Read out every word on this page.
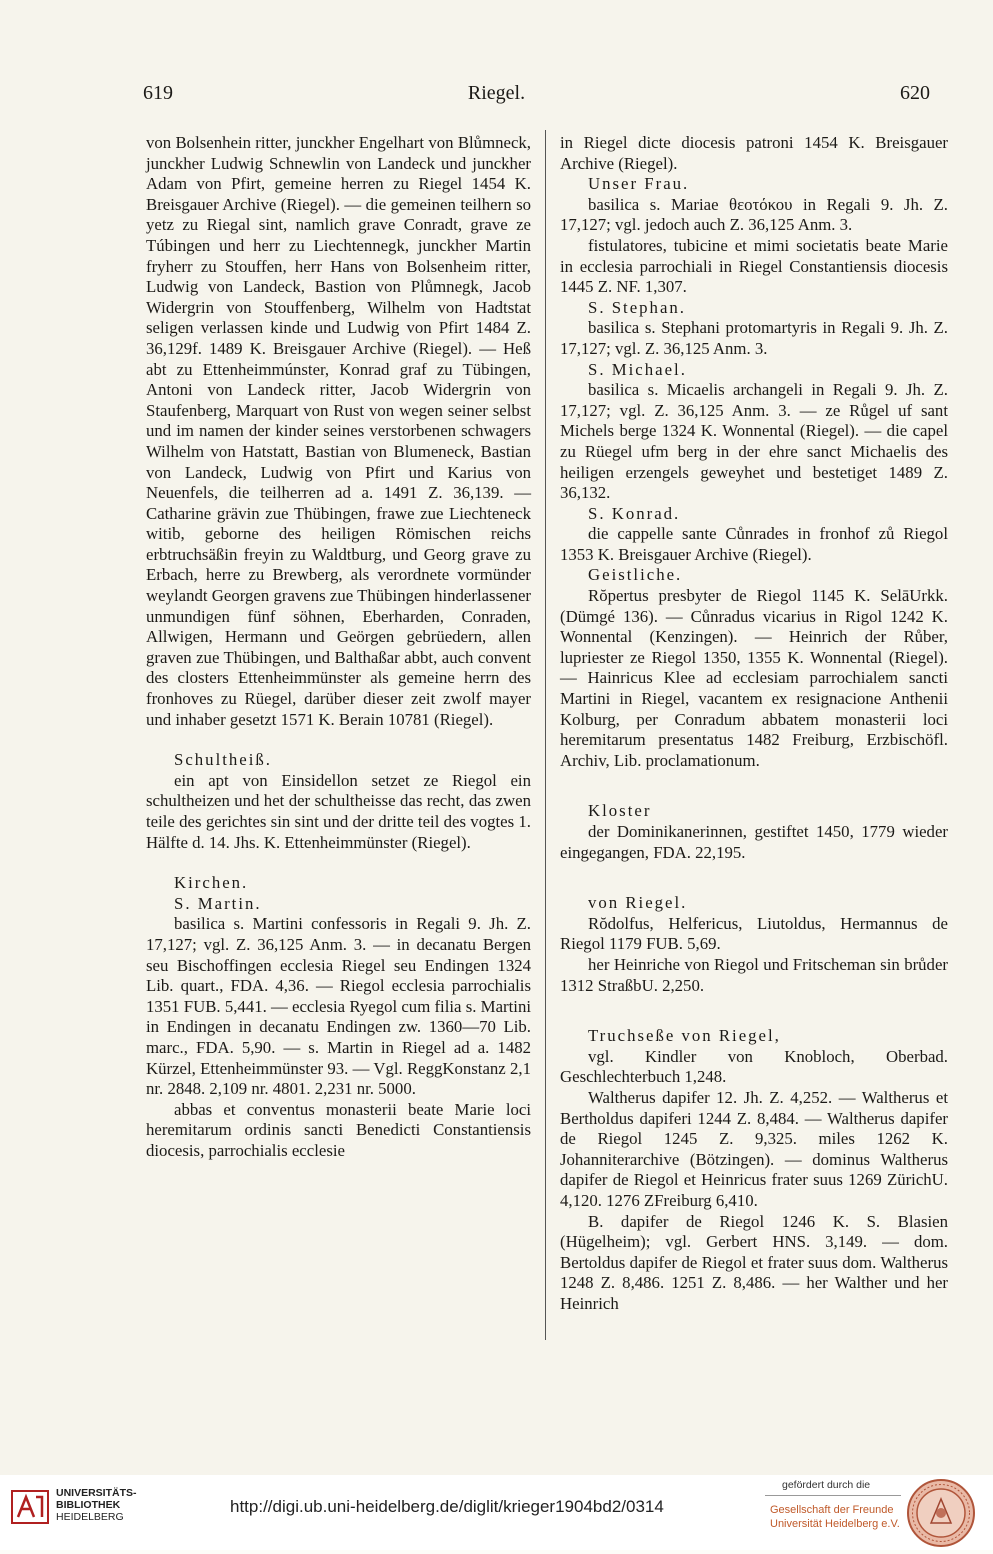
619	Riegel.	620

von Bolsenhein ritter, junckher Engelhart von Blůmneck, junckher Ludwig Schnewlin von Landeck und junckher Adam von Pfirt, gemeine herren zu Riegel 1454 K. Breisgauer Archive (Riegel). — die gemeinen teilhern so yetz zu Riegal sint, namlich grave Conradt, grave ze Túbingen und herr zu Liechtennegk, junckher Martin fryherr zu Stouffen, herr Hans von Bolsenheim ritter, Ludwig von Landeck, Bastion von Plůmnegk, Jacob Widergrin von Stouffenberg, Wilhelm von Hadtstat seligen verlassen kinde und Ludwig von Pfirt 1484 Z. 36,129f. 1489 K. Breisgauer Archive (Riegel). — Heß abt zu Ettenheimmúnster, Konrad graf zu Tübingen, Antoni von Landeck ritter, Jacob Widergrin von Staufenberg, Marquart von Rust von wegen seiner selbst und im namen der kinder seines verstorbenen schwagers Wilhelm von Hatstatt, Bastian von Blumeneck, Bastian von Landeck, Ludwig von Pfirt und Karius von Neuenfels, die teilherren ad a. 1491 Z. 36,139. — Catharine grävin zue Thübingen, frawe zue Liechteneck witib, geborne des heiligen Römischen reichs erbtruchsäßin freyin zu Waldtburg, und Georg grave zu Erbach, herre zu Brewberg, als verordnete vormünder weylandt Georgen gravens zue Thübingen hinderlassener unmundigen fünf söhnen, Eberharden, Conraden, Allwigen, Hermann und Geörgen gebrüedern, allen graven zue Thübingen, und Balthaßar abbt, auch convent des closters Ettenheimmünster als gemeine herrn des fronhoves zu Rüegel, darüber dieser zeit zwolf mayer und inhaber gesetzt 1571 K. Berain 10781 (Riegel).

Schultheiß.

ein apt von Einsidellon setzet ze Riegol ein schultheizen und het der schultheisse das recht, das zwen teile des gerichtes sin sint und der dritte teil des vogtes 1. Hälfte d. 14. Jhs. K. Ettenheimmünster (Riegel).

Kirchen.

S. Martin.

basilica s. Martini confessoris in Regali 9. Jh. Z. 17,127; vgl. Z. 36,125 Anm. 3. — in decanatu Bergen seu Bischoffingen ecclesia Riegel seu Endingen 1324 Lib. quart., FDA. 4,36. — Riegol ecclesia parrochialis 1351 FUB. 5,441. — ecclesia Ryegol cum filia s. Martini in Endingen in decanatu Endingen zw. 1360—70 Lib. marc., FDA. 5,90. — s. Martin in Riegel ad a. 1482 Kürzel, Ettenheimmünster 93. — Vgl. ReggKonstanz 2,1 nr. 2848. 2,109 nr. 4801. 2,231 nr. 5000.

abbas et conventus monasterii beate Marie loci heremitarum ordinis sancti Benedicti Constantiensis diocesis, parrochialis ecclesie

in Riegel dicte diocesis patroni 1454 K. Breisgauer Archive (Riegel).

Unser Frau.

basilica s. Mariae θεοτόκου in Regali 9. Jh. Z. 17,127; vgl. jedoch auch Z. 36,125 Anm. 3.

fistulatores, tubicine et mimi societatis beate Marie in ecclesia parrochiali in Riegel Constantiensis diocesis 1445 Z. NF. 1,307.

S. Stephan.

basilica s. Stephani protomartyris in Regali 9. Jh. Z. 17,127; vgl. Z. 36,125 Anm. 3.

S. Michael.

basilica s. Micaelis archangeli in Regali 9. Jh. Z. 17,127; vgl. Z. 36,125 Anm. 3. — ze Růgel uf sant Michels berge 1324 K. Wonnental (Riegel). — die capel zu Rüegel ufm berg in der ehre sanct Michaelis des heiligen erzengels geweyhet und bestetiget 1489 Z. 36,132.

S. Konrad.

die cappelle sante Cůnrades in fronhof zů Riegol 1353 K. Breisgauer Archive (Riegel).

Geistliche.

Rŏpertus presbyter de Riegol 1145 K. SelāUrkk. (Dümgé 136). — Cůnradus vicarius in Rigol 1242 K. Wonnental (Kenzingen). — Heinrich der Růber, lupriester ze Riegol 1350, 1355 K. Wonnental (Riegel). — Hainricus Klee ad ecclesiam parrochialem sancti Martini in Riegel, vacantem ex resignacione Anthenii Kolburg, per Conradum abbatem monasterii loci heremitarum presentatus 1482 Freiburg, Erzbischöfl. Archiv, Lib. proclamationum.

Kloster

der Dominikanerinnen, gestiftet 1450, 1779 wieder eingegangen, FDA. 22,195.

von Riegel.

Rŏdolfus, Helfericus, Liutoldus, Hermannus de Riegol 1179 FUB. 5,69.

her Heinriche von Riegol und Fritscheman sin brůder 1312 StraßbU. 2,250.

Truchseße von Riegel,

vgl. Kindler von Knobloch, Oberbad. Geschlechterbuch 1,248.

Waltherus dapifer 12. Jh. Z. 4,252. — Waltherus et Bertholdus dapiferi 1244 Z. 8,484. — Waltherus dapifer de Riegol 1245 Z. 9,325. miles 1262 K. Johanniterarchive (Bötzingen). — dominus Waltherus dapifer de Riegol et Heinricus frater suus 1269 ZürichU. 4,120. 1276 ZFreiburg 6,410.

B. dapifer de Riegol 1246 K. S. Blasien (Hügelheim); vgl. Gerbert HNS. 3,149. — dom. Bertoldus dapifer de Riegol et frater suus dom. Waltherus 1248 Z. 8,486. 1251 Z. 8,486. — her Walther und her Heinrich

UNIVERSITÄTS-
BIBLIOTHEK
HEIDELBERG
http://digi.ub.uni-heidelberg.de/diglit/krieger1904bd2/0314
gefördert durch die
Gesellschaft der Freunde
Universität Heidelberg e.V.
